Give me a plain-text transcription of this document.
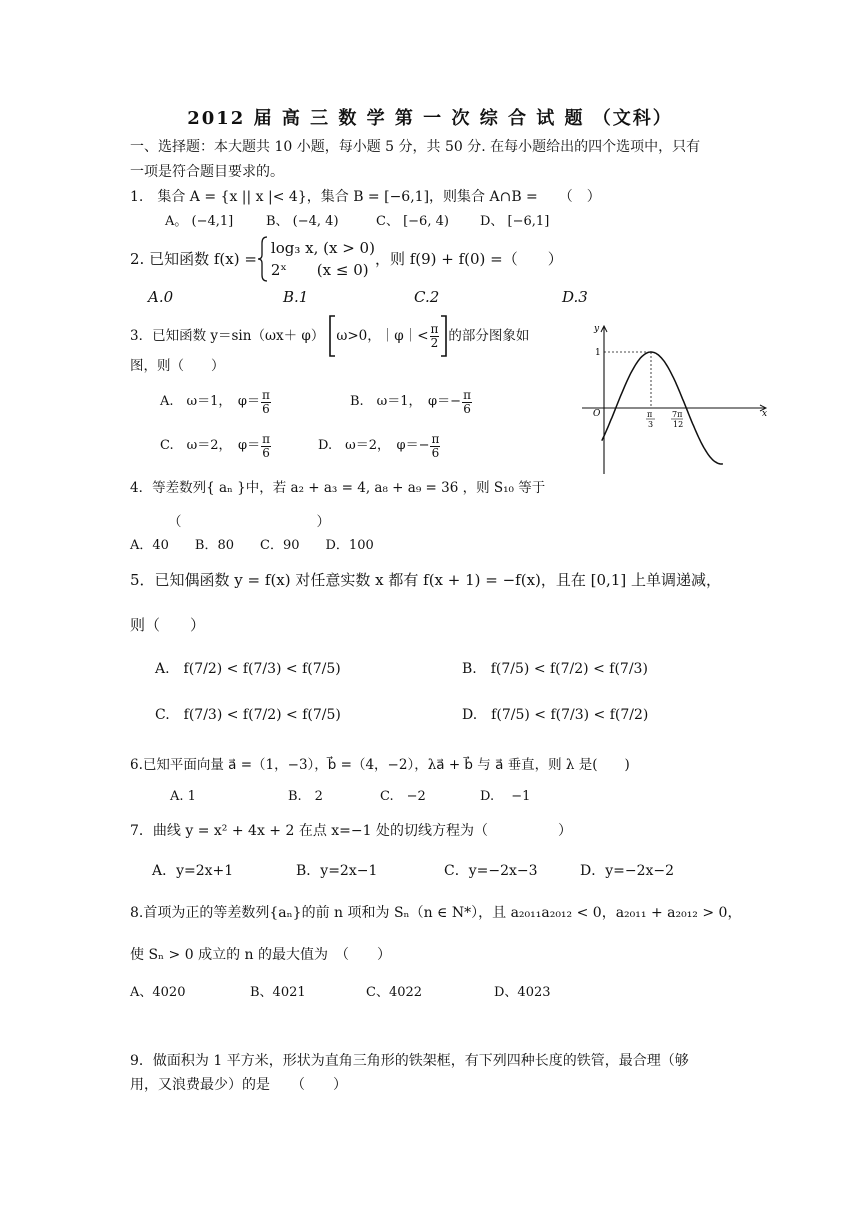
2012 届 高 三 数 学 第 一 次 综 合 试 题 （文科）
一、选择题：本大题共 10 小题，每小题 5 分，共 50 分. 在每小题给出的四个选项中，只有
一项是符合题目要求的。
1.　集合 A = {x || x |< 4}，集合 B = [−6,1]，则集合 A∩B =　　（　）
A。 (−4,1]	B、 (−4, 4)	C、 [−6, 4) D、 [−6,1]
2. 已知函数 f(x) =
log₃ x, (x > 0)
2ˣ　　(x ≤ 0)
，则 f(9) + f(0) =（　　）
A.0	B.1	C.2	D.3
3．已知函数 y＝sin（ωx＋ φ） ω>0，｜φ｜< $\frac{\pi}{2}$ 的部分图象如
图，则（　　）
A.　ω＝1，　$\varphi= \frac{\pi}{6}$	B.　ω＝1，　$\varphi=- \frac{\pi}{6}$
C.　ω＝2，　$\varphi= \frac{\pi}{6}$	D.　ω＝2，　$\varphi=- \frac{\pi}{6}$
x
y
O
1
π
3
7π
12
4．等差数列{ aₙ }中，若 a₂ + a₃ = 4, a₈ + a₉ = 36 ，则 S₁₀ 等于
（　　　　　　　　　　）
A．40　　B．80　　C．90　　D．100
5．已知偶函数 y = f(x) 对任意实数 x 都有 f(x + 1) = −f(x)，且在 [0,1] 上单调递减，
则（　　）
A.　f(7/2) < f(7/3) < f(7/5)	B.　f(7/5) < f(7/2) < f(7/3)
C.　f(7/3) < f(7/2) < f(7/5)	D.　f(7/5) < f(7/3) < f(7/2)
6.已知平面向量 a⃗ =（1，−3），b⃗ =（4，−2），λa⃗ + b⃗ 与 a⃗ 垂直，则 λ 是(　　)
A. 1	B.　2	C.　−2	D.　 −1
7．曲线 y = x² + 4x + 2 在点 x=−1 处的切线方程为（　　　　　）
A．y=2x+1	B．y=2x−1	C．y=−2x−3	D．y=−2x−2
8.首项为正的等差数列{aₙ}的前 n 项和为 Sₙ（n ∈ N*），且 a₂₀₁₁a₂₀₁₂ < 0，a₂₀₁₁ + a₂₀₁₂ > 0，
使 Sₙ > 0 成立的 n 的最大值为　（　　）
A、4020	B、4021	C、4022	D、4023
9．做面积为 1 平方米，形状为直角三角形的铁架框，有下列四种长度的铁管，最合理（够
用，又浪费最少）的是　　（　　）
